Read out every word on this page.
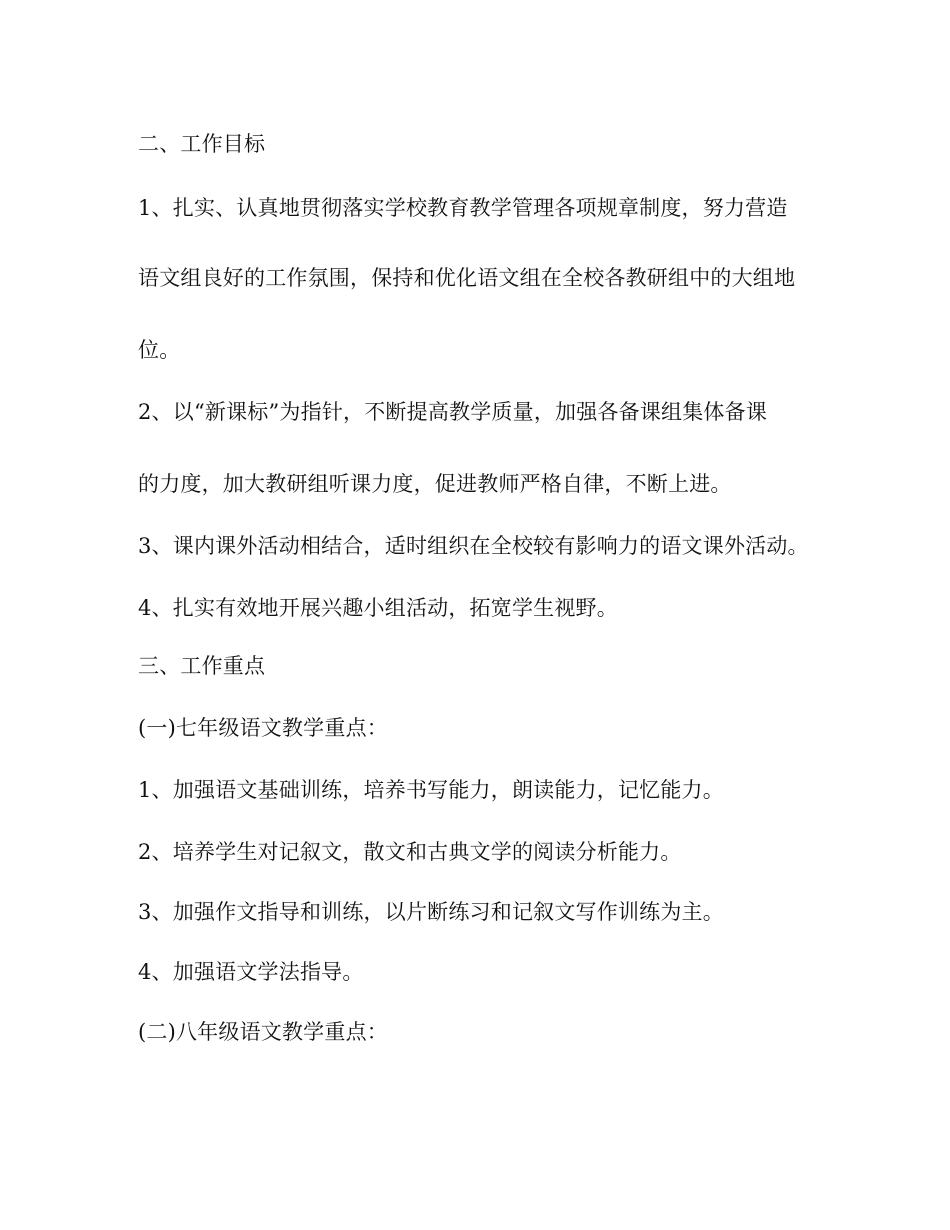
二、工作目标
1、扎实、认真地贯彻落实学校教育教学管理各项规章制度，努力营造
语文组良好的工作氛围，保持和优化语文组在全校各教研组中的大组地
位。
2、以“新课标”为指针，不断提高教学质量，加强各备课组集体备课
的力度，加大教研组听课力度，促进教师严格自律，不断上进。
3、课内课外活动相结合，适时组织在全校较有影响力的语文课外活动。
4、扎实有效地开展兴趣小组活动，拓宽学生视野。
三、工作重点
(一)七年级语文教学重点：
1、加强语文基础训练，培养书写能力，朗读能力，记忆能力。
2、培养学生对记叙文，散文和古典文学的阅读分析能力。
3、加强作文指导和训练，以片断练习和记叙文写作训练为主。
4、加强语文学法指导。
(二)八年级语文教学重点：
